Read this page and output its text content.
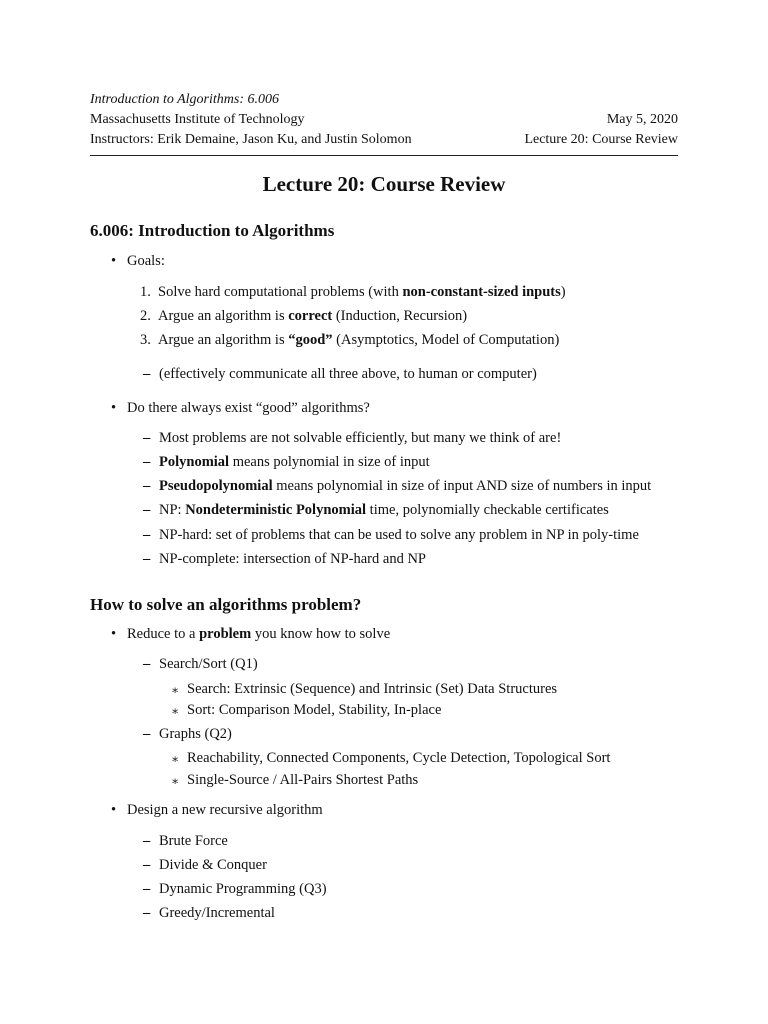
Introduction to Algorithms: 6.006
Massachusetts Institute of Technology	May 5, 2020
Instructors: Erik Demaine, Jason Ku, and Justin Solomon	Lecture 20: Course Review
Lecture 20: Course Review
6.006: Introduction to Algorithms
• Goals:
1. Solve hard computational problems (with non-constant-sized inputs)
2. Argue an algorithm is correct (Induction, Recursion)
3. Argue an algorithm is “good” (Asymptotics, Model of Computation)
– (effectively communicate all three above, to human or computer)
• Do there always exist “good” algorithms?
– Most problems are not solvable efficiently, but many we think of are!
– Polynomial means polynomial in size of input
– Pseudopolynomial means polynomial in size of input AND size of numbers in input
– NP: Nondeterministic Polynomial time, polynomially checkable certificates
– NP-hard: set of problems that can be used to solve any problem in NP in poly-time
– NP-complete: intersection of NP-hard and NP
How to solve an algorithms problem?
• Reduce to a problem you know how to solve
– Search/Sort (Q1)
∗ Search: Extrinsic (Sequence) and Intrinsic (Set) Data Structures
∗ Sort: Comparison Model, Stability, In-place
– Graphs (Q2)
∗ Reachability, Connected Components, Cycle Detection, Topological Sort
∗ Single-Source / All-Pairs Shortest Paths
• Design a new recursive algorithm
– Brute Force
– Divide & Conquer
– Dynamic Programming (Q3)
– Greedy/Incremental
